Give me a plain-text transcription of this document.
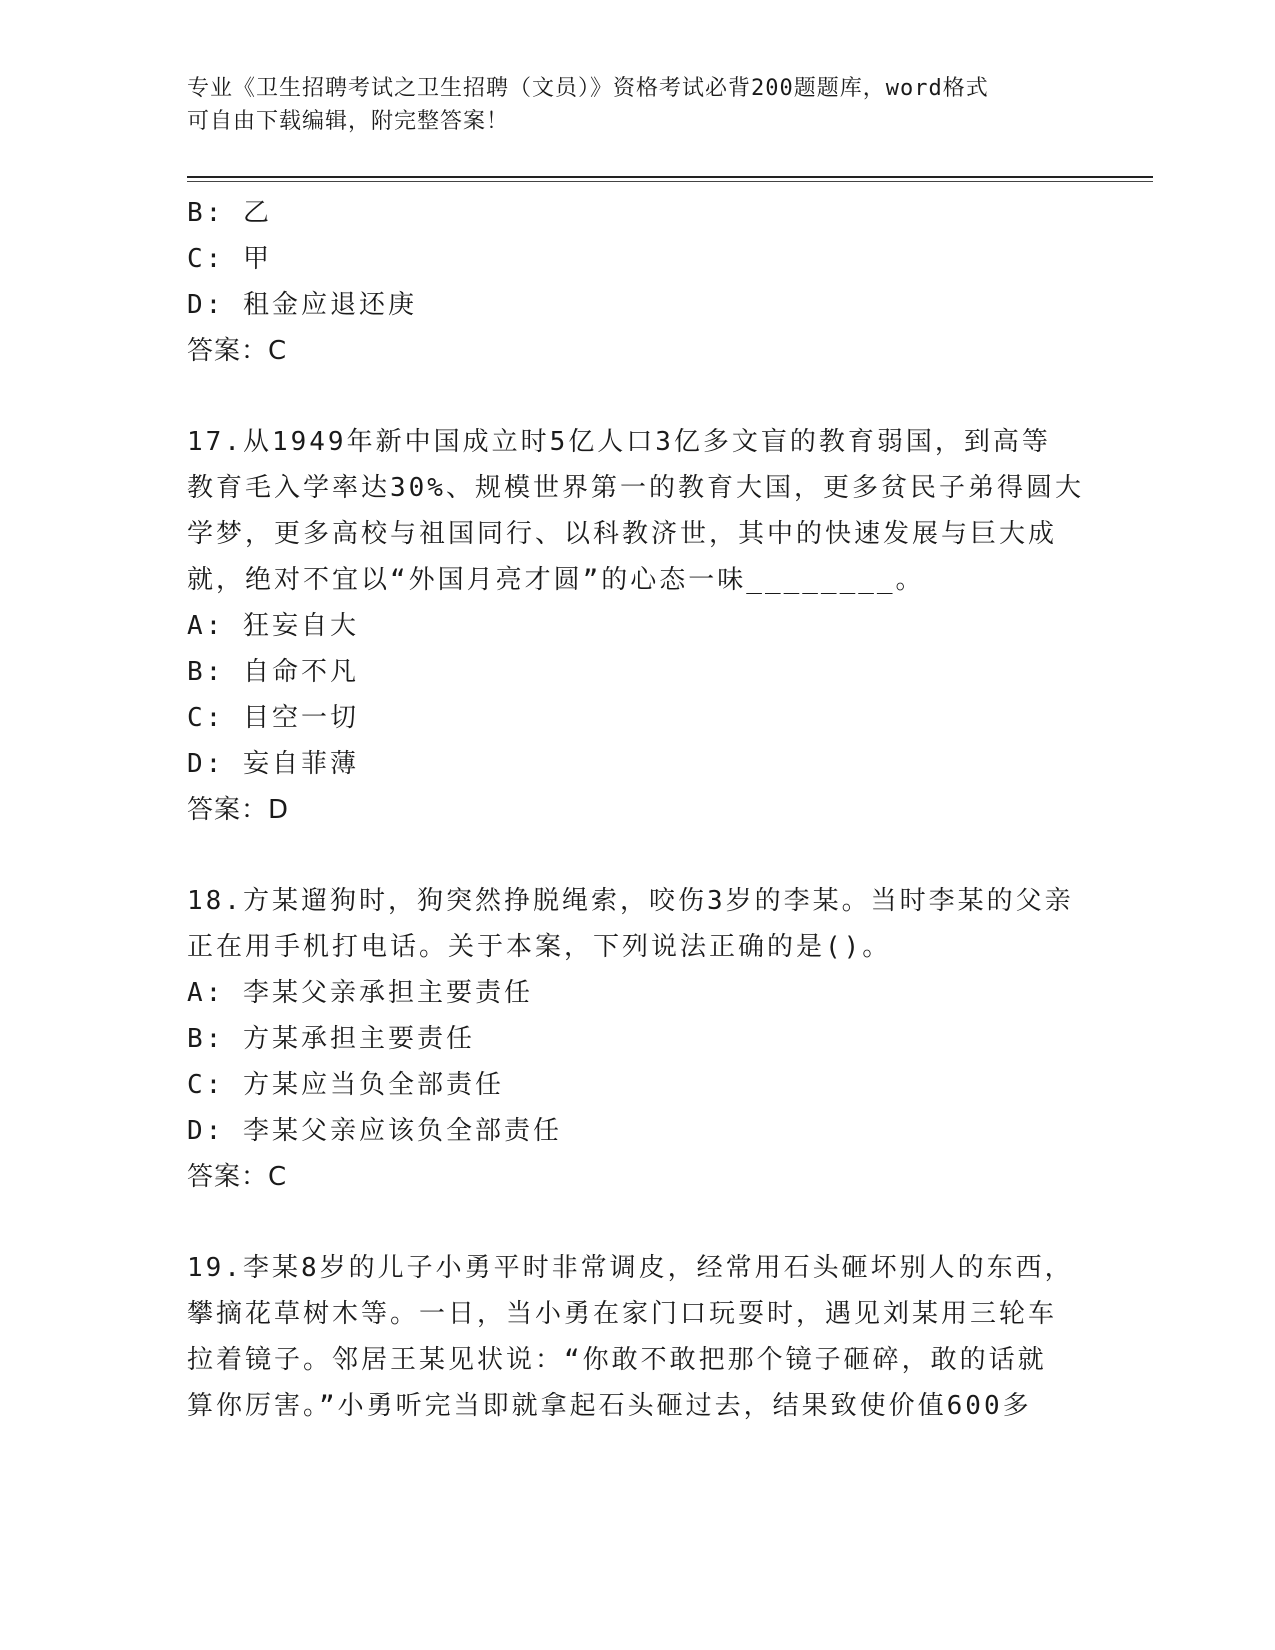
专业《卫生招聘考试之卫生招聘（文员）》资格考试必背200题题库，word格式
可自由下载编辑，附完整答案！
B: 乙
C: 甲
D: 租金应退还庚
答案：C
17.从1949年新中国成立时5亿人口3亿多文盲的教育弱国，到高等
教育毛入学率达30%、规模世界第一的教育大国，更多贫民子弟得圆大
学梦，更多高校与祖国同行、以科教济世，其中的快速发展与巨大成
就，绝对不宜以“外国月亮才圆”的心态一味________。
A: 狂妄自大
B: 自命不凡
C: 目空一切
D: 妄自菲薄
答案：D
18.方某遛狗时，狗突然挣脱绳索，咬伤3岁的李某。当时李某的父亲
正在用手机打电话。关于本案，下列说法正确的是()。
A: 李某父亲承担主要责任
B: 方某承担主要责任
C: 方某应当负全部责任
D: 李某父亲应该负全部责任
答案：C
19.李某8岁的儿子小勇平时非常调皮，经常用石头砸坏别人的东西，
攀摘花草树木等。一日，当小勇在家门口玩耍时，遇见刘某用三轮车
拉着镜子。邻居王某见状说：“你敢不敢把那个镜子砸碎，敢的话就
算你厉害。”小勇听完当即就拿起石头砸过去，结果致使价值600多
